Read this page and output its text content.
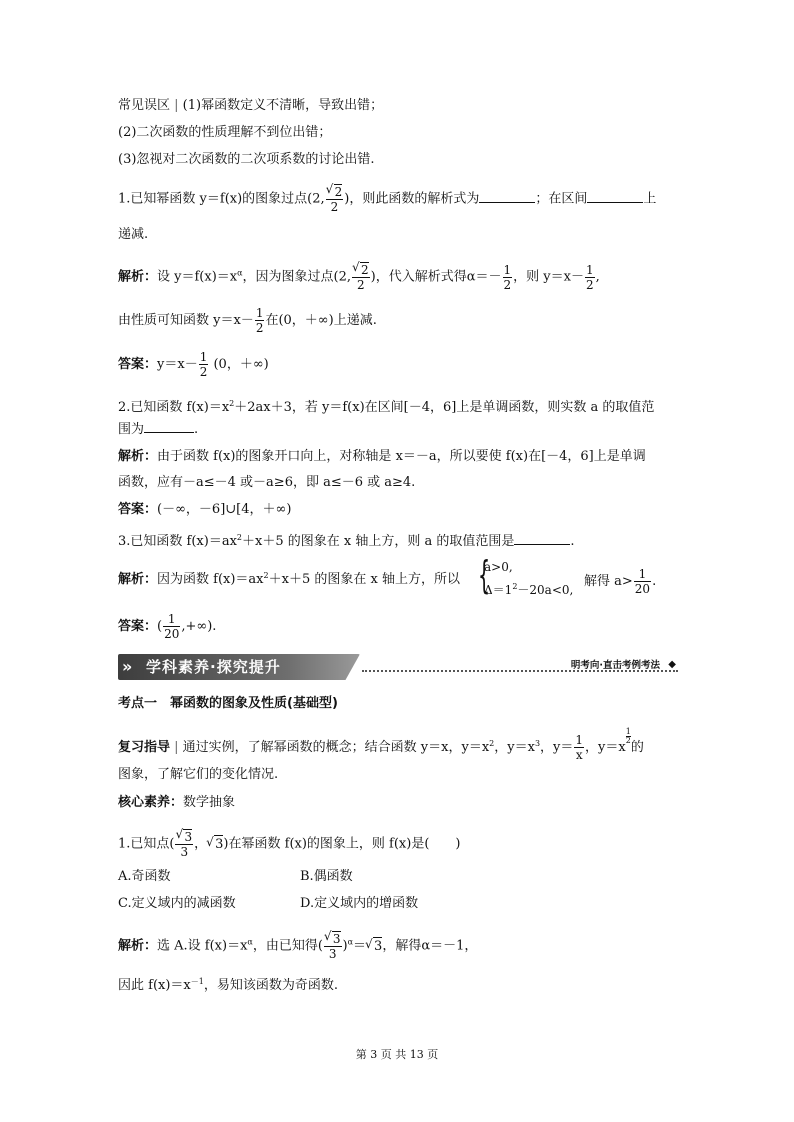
常见误区 | (1)幂函数定义不清晰，导致出错；
(2)二次函数的性质理解不到位出错；
(3)忽视对二次函数的二次项系数的讨论出错.
1.已知幂函数 y＝f(x)的图象过点(2,
√ $\frac{2}{2}$ )，则此函数的解析式为	；在区间	上
递减.
解析：设 $y=f(x)=x^\alpha$，因为图象过点(2,
√ $\frac{2}{2}$ )，代入解析式得$\alpha=- \frac{1}{2}$ ，则 $y=x- \frac{1}{2}$ ,
由性质可知函数 $y=x- \frac{1}{2}$ 在(0，＋∞)上递减.
答案：$y=x- \frac{1}{2} (0$，＋∞)
2.已知函数 $f(x)=x^2+2ax+3$，若 y＝f(x)在区间[－4，6]上是单调函数，则实数 a 的取值范
围为	.
解析：由于函数 f(x)的图象开口向上，对称轴是 x＝－a，所以要使 f(x)在[－4，6]上是单调
函数，应有－a≤－4 或－a≥6，即 a≤－6 或 a≥4.
答案：(－∞，－6]∪[4，＋∞)
3.已知函数 $f(x)=ax^2+x+5$ 的图象在 x 轴上方，则 a 的取值范围是	.
解析：因为函数 $f(x)=ax^2+x+5$ 的图象在 x 轴上方，所以 {
a>0,
$\Delta=1^2-20a<0$,
解得 $a> \frac{1}{20}$ .
答案：( $\frac{1}{20}$ ,+∞).
» 学科素养·探究提升	明考向·直击考例考法 ◆
考点一　幂函数的图象及性质(基础型)
复习指导 | 通过实例，了解幂函数的概念；结合函数 y＝x，$y=x^2$，$y=x^3$，$y= \frac{1}{x}$ ，y＝x
$\frac{1}{2}$
的
图象，了解它们的变化情况.
核心素养：数学抽象
1.已知点(
√ $\frac{3}{3}$ ，√ 3)在幂函数 f(x)的图象上，则 f(x)是(　　)
A.奇函数	B.偶函数
C.定义域内的减函数	D.定义域内的增函数
解析：选 A.设 $f(x)=x^\alpha$，由已知得(
√ $\frac{3}{3} )^\alpha=√$ 3，解得α＝－1，
因此 $f(x)=x^{-1}$，易知该函数为奇函数.
第 3 页 共 13 页
